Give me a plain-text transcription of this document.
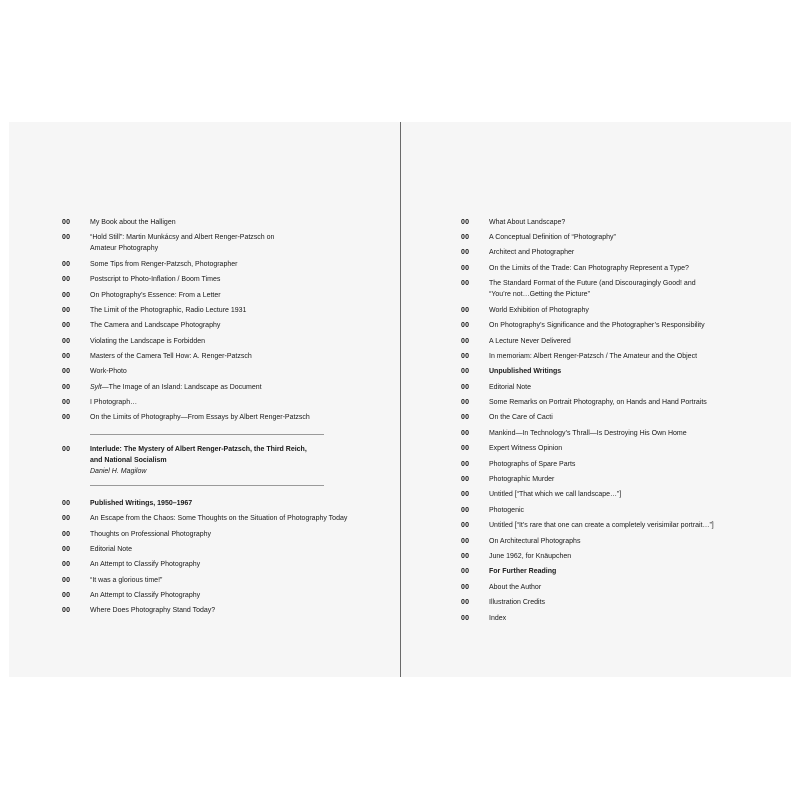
00	My Book about the Halligen
00	“Hold Still”: Martin Munkácsy and Albert Renger-Patzsch on
Amateur Photography
00	Some Tips from Renger-Patzsch, Photographer
00	Postscript to Photo-Inflation / Boom Times
00	On Photography’s Essence: From a Letter
00	The Limit of the Photographic, Radio Lecture 1931
00	The Camera and Landscape Photography
00	Violating the Landscape is Forbidden
00	Masters of the Camera Tell How: A. Renger-Patzsch
00	Work-Photo
00	Sylt—The Image of an Island: Landscape as Document
00	I Photograph…
00	On the Limits of Photography—From Essays by Albert Renger-Patzsch
00	Interlude: The Mystery of Albert Renger-Patzsch, the Third Reich,
and National Socialism
Daniel H. Magilow
00	Published Writings, 1950–1967
00	An Escape from the Chaos: Some Thoughts on the Situation of Photography Today
00	Thoughts on Professional Photography
00	Editorial Note
00	An Attempt to Classify Photography
00	“It was a glorious time!”
00	An Attempt to Classify Photography
00	Where Does Photography Stand Today?
00	What About Landscape?
00	A Conceptual Definition of “Photography”
00	Architect and Photographer
00	On the Limits of the Trade: Can Photography Represent a Type?
00	The Standard Format of the Future (and Discouragingly Good! and
“You’re not…Getting the Picture”
00	World Exhibition of Photography
00	On Photography’s Significance and the Photographer’s Responsibility
00	A Lecture Never Delivered
00	In memoriam: Albert Renger-Patzsch / The Amateur and the Object
00	Unpublished Writings
00	Editorial Note
00	Some Remarks on Portrait Photography, on Hands and Hand Portraits
00	On the Care of Cacti
00	Mankind—In Technology’s Thrall—Is Destroying His Own Home
00	Expert Witness Opinion
00	Photographs of Spare Parts
00	Photographic Murder
00	Untitled [“That which we call landscape…”]
00	Photogenic
00	Untitled [“It’s rare that one can create a completely verisimilar portrait…”]
00	On Architectural Photographs
00	June 1962, for Knäupchen
00	For Further Reading
00	About the Author
00	Illustration Credits
00	Index
